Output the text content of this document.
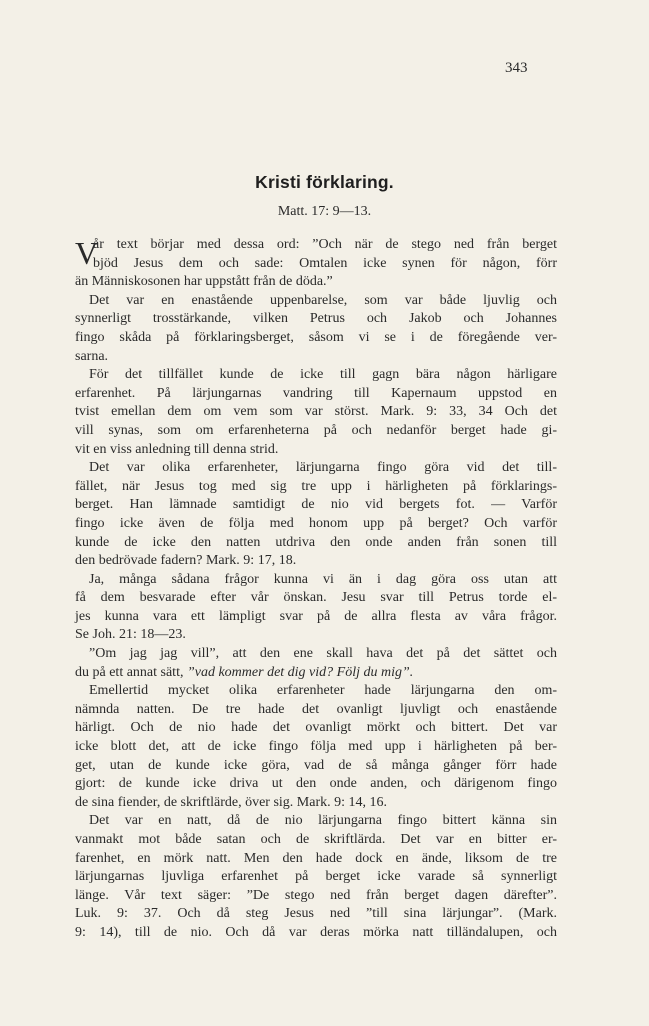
343
Kristi förklaring.
Matt. 17: 9—13.
V
år text börjar med dessa ord: ”Och när de stego ned från berget
bjöd Jesus dem och sade: Omtalen icke synen för någon, förr
än Människosonen har uppstått från de döda.”
Det var en enastående uppenbarelse, som var både ljuvlig och
synnerligt trosstärkande, vilken Petrus och Jakob och Johannes
fingo skåda på förklaringsberget, såsom vi se i de föregående ver-
sarna.
För det tillfället kunde de icke till gagn bära någon härligare
erfarenhet. På lärjungarnas vandring till Kapernaum uppstod en
tvist emellan dem om vem som var störst. Mark. 9: 33, 34 Och det
vill synas, som om erfarenheterna på och nedanför berget hade gi-
vit en viss anledning till denna strid.
Det var olika erfarenheter, lärjungarna fingo göra vid det till-
fället, när Jesus tog med sig tre upp i härligheten på förklarings-
berget. Han lämnade samtidigt de nio vid bergets fot. — Varför
fingo icke även de följa med honom upp på berget? Och varför
kunde de icke den natten utdriva den onde anden från sonen till
den bedrövade fadern? Mark. 9: 17, 18.
Ja, många sådana frågor kunna vi än i dag göra oss utan att
få dem besvarade efter vår önskan. Jesu svar till Petrus torde el-
jes kunna vara ett lämpligt svar på de allra flesta av våra frågor.
Se Joh. 21: 18—23.
”Om jag jag vill”, att den ene skall hava det på det sättet och
du på ett annat sätt, ”vad kommer det dig vid? Följ du mig”.
Emellertid mycket olika erfarenheter hade lärjungarna den om-
nämnda natten. De tre hade det ovanligt ljuvligt och enastående
härligt. Och de nio hade det ovanligt mörkt och bittert. Det var
icke blott det, att de icke fingo följa med upp i härligheten på ber-
get, utan de kunde icke göra, vad de så många gånger förr hade
gjort: de kunde icke driva ut den onde anden, och därigenom fingo
de sina fiender, de skriftlärde, över sig. Mark. 9: 14, 16.
Det var en natt, då de nio lärjungarna fingo bittert känna sin
vanmakt mot både satan och de skriftlärda. Det var en bitter er-
farenhet, en mörk natt. Men den hade dock en ände, liksom de tre
lärjungarnas ljuvliga erfarenhet på berget icke varade så synnerligt
länge. Vår text säger: ”De stego ned från berget dagen därefter”.
Luk. 9: 37. Och då steg Jesus ned ”till sina lärjungar”. (Mark.
9: 14), till de nio. Och då var deras mörka natt tilländalupen, och
